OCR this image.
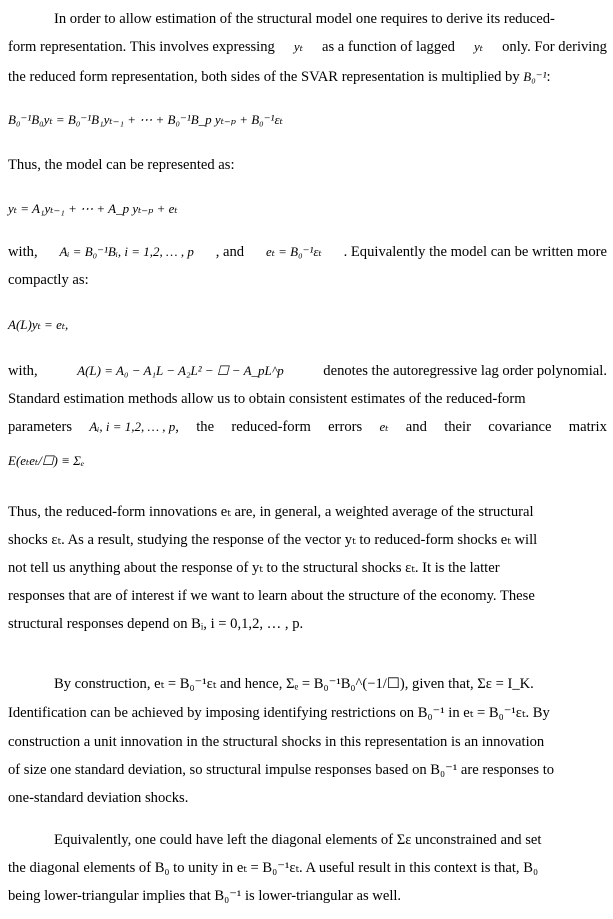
In order to allow estimation of the structural model one requires to derive its reduced-
form representation. This involves expressing yₜ as a function of lagged yₜ only. For deriving
the reduced form representation, both sides of the SVAR representation is multiplied by B₀⁻¹:
B₀⁻¹B₀yₜ = B₀⁻¹B₁yₜ₋₁ + ⋯ + B₀⁻¹B_p yₜ₋ₚ + B₀⁻¹εₜ
Thus, the model can be represented as:
yₜ = A₁yₜ₋₁ + ⋯ + A_p yₜ₋ₚ + eₜ
with, Aᵢ = B₀⁻¹Bᵢ, i = 1,2, … , p , and eₜ = B₀⁻¹εₜ . Equivalently the model can be written more
compactly as:
A(L)yₜ = eₜ,
with,	A(L) = A₀ − A₁L − A₂L² − ☐ − A_pL^p	denotes the autoregressive lag order polynomial.
Standard estimation methods allow us to obtain consistent estimates of the reduced-form
parameters Aᵢ, i = 1,2, … , p, the reduced-form errors eₜ and their covariance matrix
E(eₜeₜ/☐) ≡ Σₑ
Thus, the reduced-form innovations eₜ are, in general, a weighted average of the structural
shocks εₜ. As a result, studying the response of the vector yₜ to reduced-form shocks eₜ will
not tell us anything about the response of yₜ to the structural shocks εₜ. It is the latter
responses that are of interest if we want to learn about the structure of the economy. These
structural responses depend on Bᵢ, i = 0,1,2, … , p.
By construction, eₜ = B₀⁻¹εₜ and hence, Σₑ = B₀⁻¹B₀^(−1/☐), given that, Σε = I_K.
Identification can be achieved by imposing identifying restrictions on B₀⁻¹ in eₜ = B₀⁻¹εₜ. By
construction a unit innovation in the structural shocks in this representation is an innovation
of size one standard deviation, so structural impulse responses based on B₀⁻¹ are responses to
one-standard deviation shocks.
Equivalently, one could have left the diagonal elements of Σε unconstrained and set
the diagonal elements of B₀ to unity in eₜ = B₀⁻¹εₜ. A useful result in this context is that, B₀
being lower-triangular implies that B₀⁻¹ is lower-triangular as well.
